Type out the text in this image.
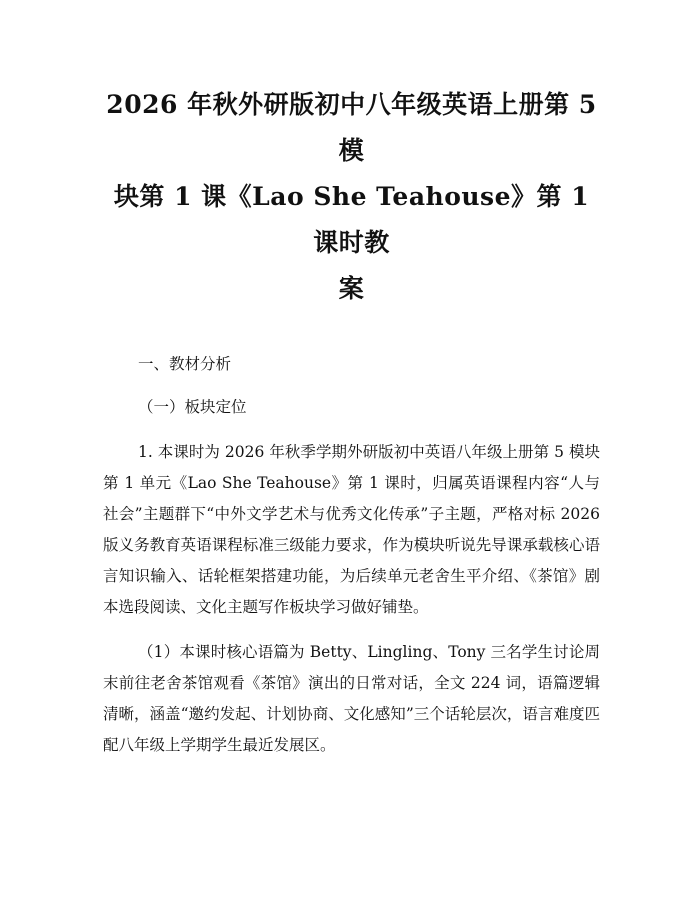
2026 年秋外研版初中八年级英语上册第 5 模
块第 1 课《Lao She Teahouse》第 1 课时教
案

一、教材分析

（一）板块定位

1. 本课时为 2026 年秋季学期外研版初中英语八年级上册第 5 模块第 1 单元《Lao She Teahouse》第 1 课时，归属英语课程内容“人与社会”主题群下“中外文学艺术与优秀文化传承”子主题，严格对标 2026 版义务教育英语课程标准三级能力要求，作为模块听说先导课承载核心语言知识输入、话轮框架搭建功能，为后续单元老舍生平介绍、《茶馆》剧本选段阅读、文化主题写作板块学习做好铺垫。

（1）本课时核心语篇为 Betty、Lingling、Tony 三名学生讨论周末前往老舍茶馆观看《茶馆》演出的日常对话，全文 224 词，语篇逻辑清晰，涵盖“邀约发起、计划协商、文化感知”三个话轮层次，语言难度匹配八年级上学期学生最近发展区。
